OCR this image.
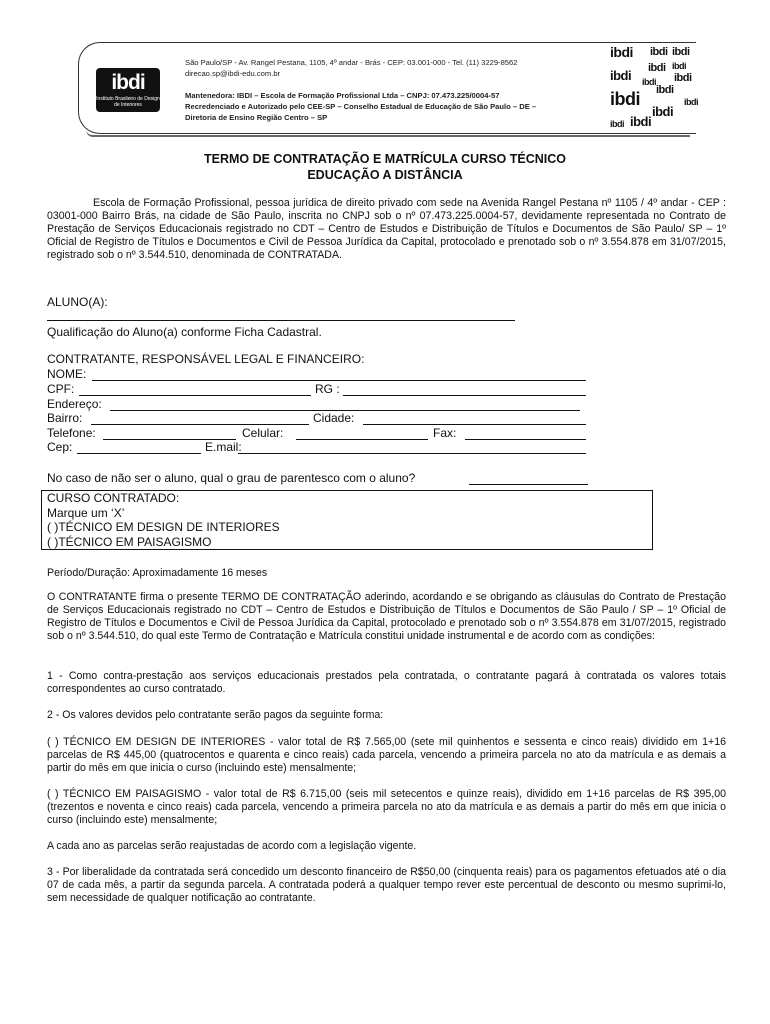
ibdi
Instituto Brasileiro de Design de Interiores
São Paulo/SP - Av. Rangel Pestana, 1105, 4º andar - Brás - CEP: 03.001-000 - Tel. (11) 3229-8562
direcao.sp@ibdi-edu.com.br
Mantenedora: IBDI – Escola de Formação Profissional Ltda – CNPJ: 07.473.225/0004-57
Recredenciado e Autorizado pelo CEE-SP – Conselho Estadual de Educação de São Paulo – DE –
Diretoria de Ensino Região Centro – SP
ibdi ibdi ibdi
ibdi ibdi
ibdi ibdi ibdi
ibdi ibdi
ibdi
ibdi
ibdi ibdi
TERMO DE CONTRATAÇÃO E MATRÍCULA CURSO TÉCNICO
EDUCAÇÃO A DISTÂNCIA
Escola de Formação Profissional, pessoa jurídica de direito privado com sede na Avenida Rangel Pestana nº 1105 / 4º andar - CEP : 03001-000 Bairro Brás, na cidade de São Paulo, inscrita no CNPJ sob o nº 07.473.225.0004-57, devidamente representada no Contrato de Prestação de Serviços Educacionais registrado no CDT – Centro de Estudos e Distribuição de Títulos e Documentos de São Paulo/ SP – 1º Oficial de Registro de Títulos e Documentos e Civil de Pessoa Jurídica da Capital, protocolado e prenotado sob o nº 3.554.878 em 31/07/2015, registrado sob o nº 3.544.510, denominada de CONTRATADA.
ALUNO(A):
Qualificação do Aluno(a) conforme Ficha Cadastral.
CONTRATANTE, RESPONSÁVEL LEGAL E FINANCEIRO:
NOME:
CPF:	RG :
Endereço:
Bairro:	Cidade:
Telefone:	Celular:	Fax:
Cep:	E.mail:
No caso de não ser o aluno, qual o grau de parentesco com o aluno?
CURSO CONTRATADO:
Marque um ‘X’
( )TÉCNICO EM DESIGN DE INTERIORES
( )TÉCNICO EM PAISAGISMO
Período/Duração: Aproximadamente 16 meses
O CONTRATANTE firma o presente TERMO DE CONTRATAÇÃO aderindo, acordando e se obrigando as cláusulas do Contrato de Prestação de Serviços Educacionais registrado no CDT – Centro de Estudos e Distribuição de Títulos e Documentos de São Paulo / SP – 1º Oficial de Registro de Títulos e Documentos e Civil de Pessoa Jurídica da Capital, protocolado e prenotado sob o nº 3.554.878 em 31/07/2015, registrado sob o nº 3.544.510, do qual este Termo de Contratação e Matrícula constitui unidade instrumental e de acordo com as condições:
1 - Como contra-prestação aos serviços educacionais prestados pela contratada, o contratante pagará à contratada os valores totais correspondentes ao curso contratado.
2 - Os valores devidos pelo contratante serão pagos da seguinte forma:
( ) TÉCNICO EM DESIGN DE INTERIORES - valor total de R$ 7.565,00 (sete mil quinhentos e sessenta e cinco reais) dividido em 1+16 parcelas de R$ 445,00 (quatrocentos e quarenta e cinco reais) cada parcela, vencendo a primeira parcela no ato da matrícula e as demais a partir do mês em que inicia o curso (incluindo este) mensalmente;
( ) TÉCNICO EM PAISAGISMO - valor total de R$ 6.715,00 (seis mil setecentos e quinze reais), dividido em 1+16 parcelas de R$ 395,00 (trezentos e noventa e cinco reais) cada parcela, vencendo a primeira parcela no ato da matrícula e as demais a partir do mês em que inicia o curso (incluindo este) mensalmente;
A cada ano as parcelas serão reajustadas de acordo com a legislação vigente.
3 - Por liberalidade da contratada será concedido um desconto financeiro de R$50,00 (cinquenta reais) para os pagamentos efetuados até o dia 07 de cada mês, a partir da segunda parcela. A contratada poderá a qualquer tempo rever este percentual de desconto ou mesmo suprimi-lo, sem necessidade de qualquer notificação ao contratante.
